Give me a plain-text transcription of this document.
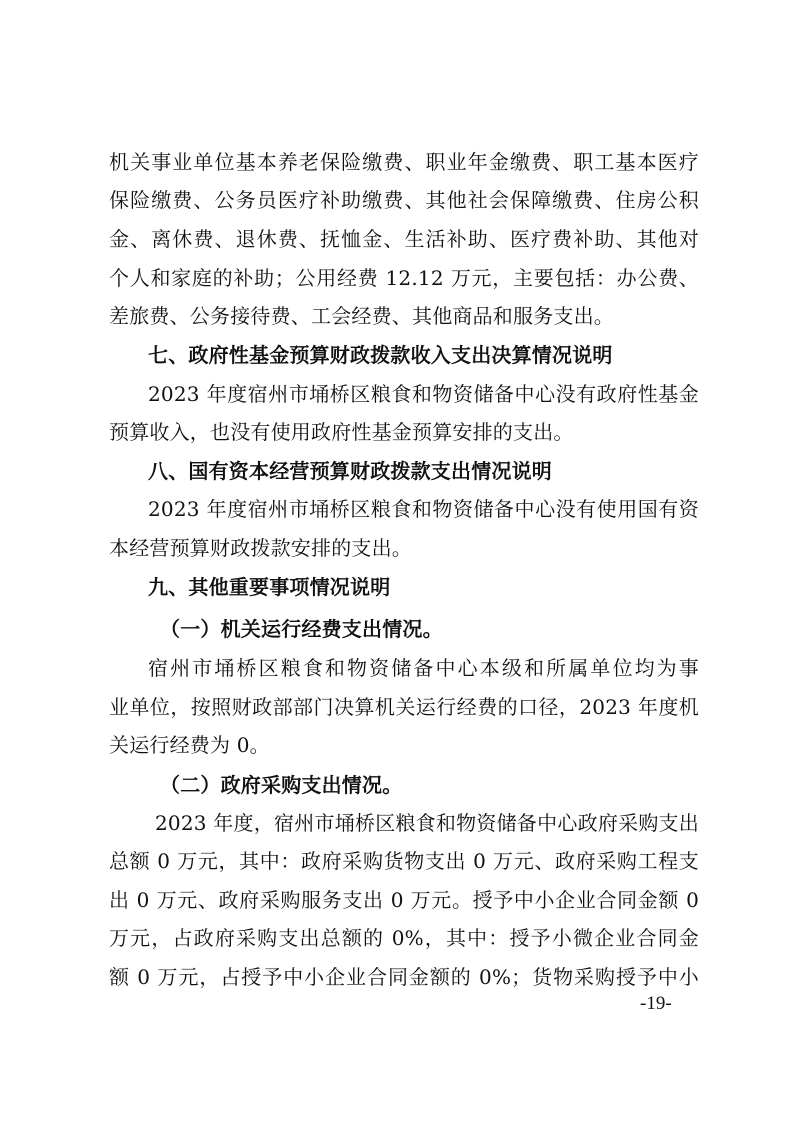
机关事业单位基本养老保险缴费、职业年金缴费、职工基本医疗
保险缴费、公务员医疗补助缴费、其他社会保障缴费、住房公积
金、离休费、退休费、抚恤金、生活补助、医疗费补助、其他对
个人和家庭的补助；公用经费 12.12 万元，主要包括：办公费、
差旅费、公务接待费、工会经费、其他商品和服务支出。
七、政府性基金预算财政拨款收入支出决算情况说明
2023 年度宿州市埇桥区粮食和物资储备中心没有政府性基金
预算收入，也没有使用政府性基金预算安排的支出。
八、国有资本经营预算财政拨款支出情况说明
2023 年度宿州市埇桥区粮食和物资储备中心没有使用国有资
本经营预算财政拨款安排的支出。
九、其他重要事项情况说明
（一）机关运行经费支出情况。
宿州市埇桥区粮食和物资储备中心本级和所属单位均为事
业单位，按照财政部部门决算机关运行经费的口径，2023 年度机
关运行经费为 0。
（二）政府采购支出情况。
2023 年度，宿州市埇桥区粮食和物资储备中心政府采购支出
总额 0 万元，其中：政府采购货物支出 0 万元、政府采购工程支
出 0 万元、政府采购服务支出 0 万元。授予中小企业合同金额 0
万元，占政府采购支出总额的 0%，其中：授予小微企业合同金
额 0 万元，占授予中小企业合同金额的 0%；货物采购授予中小
-19-
